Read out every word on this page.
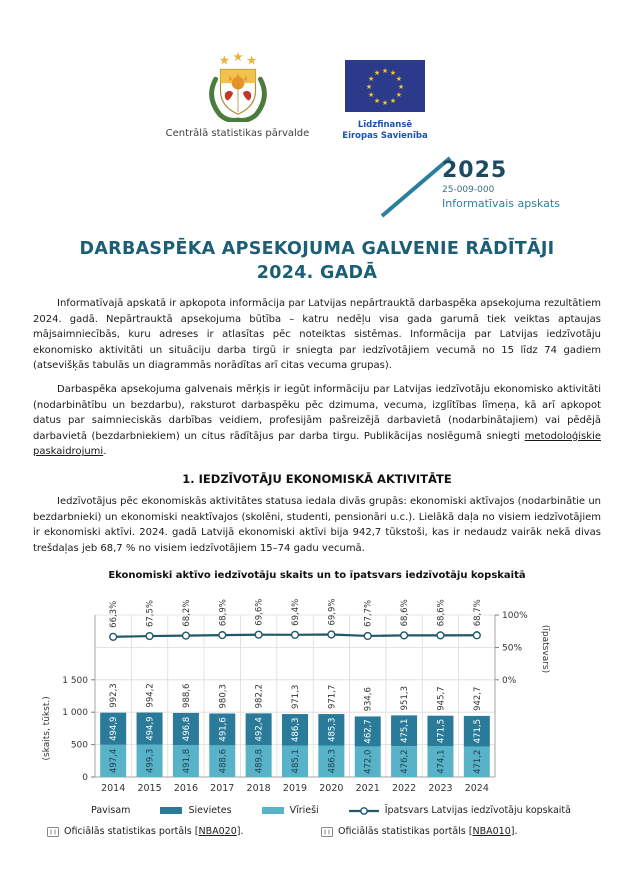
★ ★ ★
Centrālā statistikas pārvalde
★ ★
★
★
★
★
★
★
★
★
★
★
Līdzfinansē
Eiropas Savienība
2025
25-009-000
Informatīvais apskats
DARBASPĒKA APSEKOJUMA GALVENIE RĀDĪTĀJI
2024. GADĀ

Informatīvajā apskatā ir apkopota informācija par Latvijas nepārtrauktā darbaspēka apsekojuma rezultātiem 2024. gadā. Nepārtrauktā apsekojuma būtība – katru nedēļu visa gada garumā tiek veiktas aptaujas mājsaimniecībās, kuru adreses ir atlasītas pēc noteiktas sistēmas. Informācija par Latvijas iedzīvotāju ekonomisko aktivitāti un situāciju darba tirgū ir sniegta par iedzīvotājiem vecumā no 15 līdz 74 gadiem (atsevišķās tabulās un diagrammās norādītas arī citas vecuma grupas).

Darbaspēka apsekojuma galvenais mērķis ir iegūt informāciju par Latvijas iedzīvotāju ekonomisko aktivitāti (nodarbinātību un bezdarbu), raksturot darbaspēku pēc dzimuma, vecuma, izglītības līmeņa, kā arī apkopot datus par saimnieciskās darbības veidiem, profesijām pašreizējā darbavietā (nodarbinātajiem) vai pēdējā darbavietā (bezdarbniekiem) un citus rādītājus par darba tirgu. Publikācijas noslēgumā sniegti metodoloģiskie paskaidrojumi.

1. IEDZĪVOTĀJU EKONOMISKĀ AKTIVITĀTE

Iedzīvotājus pēc ekonomiskās aktivitātes statusa iedala divās grupās: ekonomiski aktīvajos (nodarbinātie un bezdarbnieki) un ekonomiski neaktīvajos (skolēni, studenti, pensionāri u.c.). Lielākā daļa no visiem iedzīvotājiem ir ekonomiski aktīvi. 2024. gadā Latvijā ekonomiski aktīvi bija 942,7 tūkstoši, kas ir nedaudz vairāk nekā divas trešdaļas jeb 68,7 % no visiem iedzīvotājiem 15–74 gadu vecumā.

Ekonomiski aktīvo iedzīvotāju skaits un to īpatsvars iedzīvotāju kopskaitā
0
500
1 000
1 500	0%
50%
100%
992,3
494,9
497,4
66,3%
2014
994,2
494,9
499,3
67,5%
2015
988,6
496,8
491,8
68,2%
2016
980,3
491,6
488,6
68,9%
2017
982,2
492,4
489,8
69,6%
2018
971,3
486,3
485,1
69,4%
2019
971,7
485,3
486,3
69,9%
2020
934,6
462,7
472,0
67,7%
2021
951,3
475,1
476,2
68,6%
2022
945,7
471,5
474,1
68,6%
2023
942,7
471,5
471,2
68,7%
2024
(skaits, tūkst.)
(īpatsvars)
Pavisam	Sievietes	Vīrieši	Īpatsvars Latvijas iedzīvotāju kopskaitā
Oficiālās statistikas portāls [NBA020].	Oficiālās statistikas portāls [NBA010].
